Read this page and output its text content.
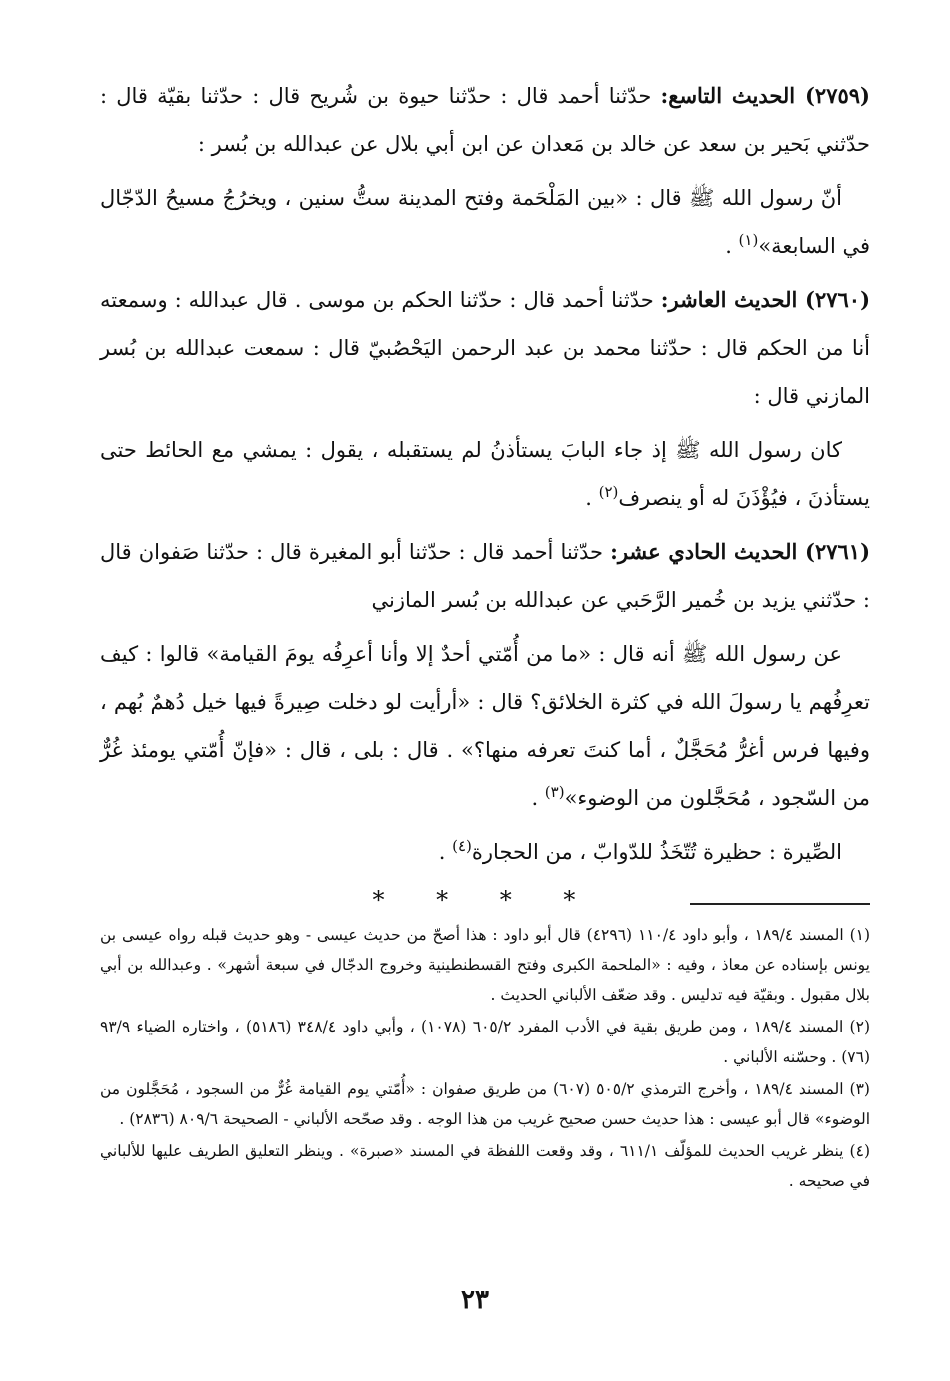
(٢٧٥٩) الحديث التاسع: حدّثنا أحمد قال : حدّثنا حيوة بن شُريح قال : حدّثنا بقيّة قال : حدّثني بَحير بن سعد عن خالد بن مَعدان عن ابن أبي بلال عن عبدالله بن بُسر :

أنّ رسول الله ﷺ قال : «بين المَلْحَمة وفتح المدينة ستُّ سنين ، ويخرُجُ مسيحُ الدّجّال في السابعة»$^{(١)}$ .

(٢٧٦٠) الحديث العاشر: حدّثنا أحمد قال : حدّثنا الحكم بن موسى . قال عبدالله : وسمعته أنا من الحكم قال : حدّثنا محمد بن عبد الرحمن اليَحْصُبيّ قال : سمعت عبدالله بن بُسر المازني قال :

كان رسول الله ﷺ إذ جاء البابَ يستأذنُ لم يستقبله ، يقول : يمشي مع الحائط حتى يستأذنَ ، فيُؤْذَنَ له أو ينصرف$^{(٢)}$ .

(٢٧٦١) الحديث الحادي عشر: حدّثنا أحمد قال : حدّثنا أبو المغيرة قال : حدّثنا صَفوان قال : حدّثني يزيد بن خُمير الرَّحَبي عن عبدالله بن بُسر المازني

عن رسول الله ﷺ أنه قال : «ما من أُمّتي أحدٌ إلا وأنا أعرِفُه يومَ القيامة» قالوا : كيف تعرِفُهم يا رسولَ الله في كثرة الخلائق؟ قال : «أرأيت لو دخلت صِيرةً فيها خيل دُهمٌ بُهم ، وفيها فرس أغرُّ مُحَجَّلٌ ، أما كنتَ تعرفه منها؟» . قال : بلى ، قال : «فإنّ أُمّتي يومئذ غُرٌّ من السّجود ، مُحَجَّلون من الوضوء»$^{(٣)}$ .

الصِّيرة : حظيرة تُتّخَذُ للدّوابّ ، من الحجارة$^{(٤)}$ .

* * * *

(١) المسند ١٨٩/٤ ، وأبو داود ١١٠/٤ (٤٢٩٦) قال أبو داود : هذا أصحّ من حديث عيسى - وهو حديث قبله رواه عيسى بن يونس بإسناده عن معاذ ، وفيه : «الملحمة الكبرى وفتح القسطنطينية وخروج الدجّال في سبعة أشهر» . وعبدالله بن أبي بلال مقبول . وبقيّة فيه تدليس . وقد ضعّف الألباني الحديث .

(٢) المسند ١٨٩/٤ ، ومن طريق بقية في الأدب المفرد ٦٠٥/٢ (١٠٧٨) ، وأبي داود ٣٤٨/٤ (٥١٨٦) ، واختاره الضياء ٩٣/٩ (٧٦) . وحسّنه الألباني .

(٣) المسند ١٨٩/٤ ، وأخرج الترمذي ٥٠٥/٢ (٦٠٧) من طريق صفوان : «أُمّتي يوم القيامة غُرٌّ من السجود ، مُحَجَّلون من الوضوء» قال أبو عيسى : هذا حديث حسن صحيح غريب من هذا الوجه . وقد صحّحه الألباني - الصحيحة ٨٠٩/٦ (٢٨٣٦) .

(٤) ينظر غريب الحديث للمؤلّف ٦١١/١ ، وقد وقعت اللفظة في المسند «صبرة» . وينظر التعليق الطريف عليها للألباني في صحيحه .

٢٣
